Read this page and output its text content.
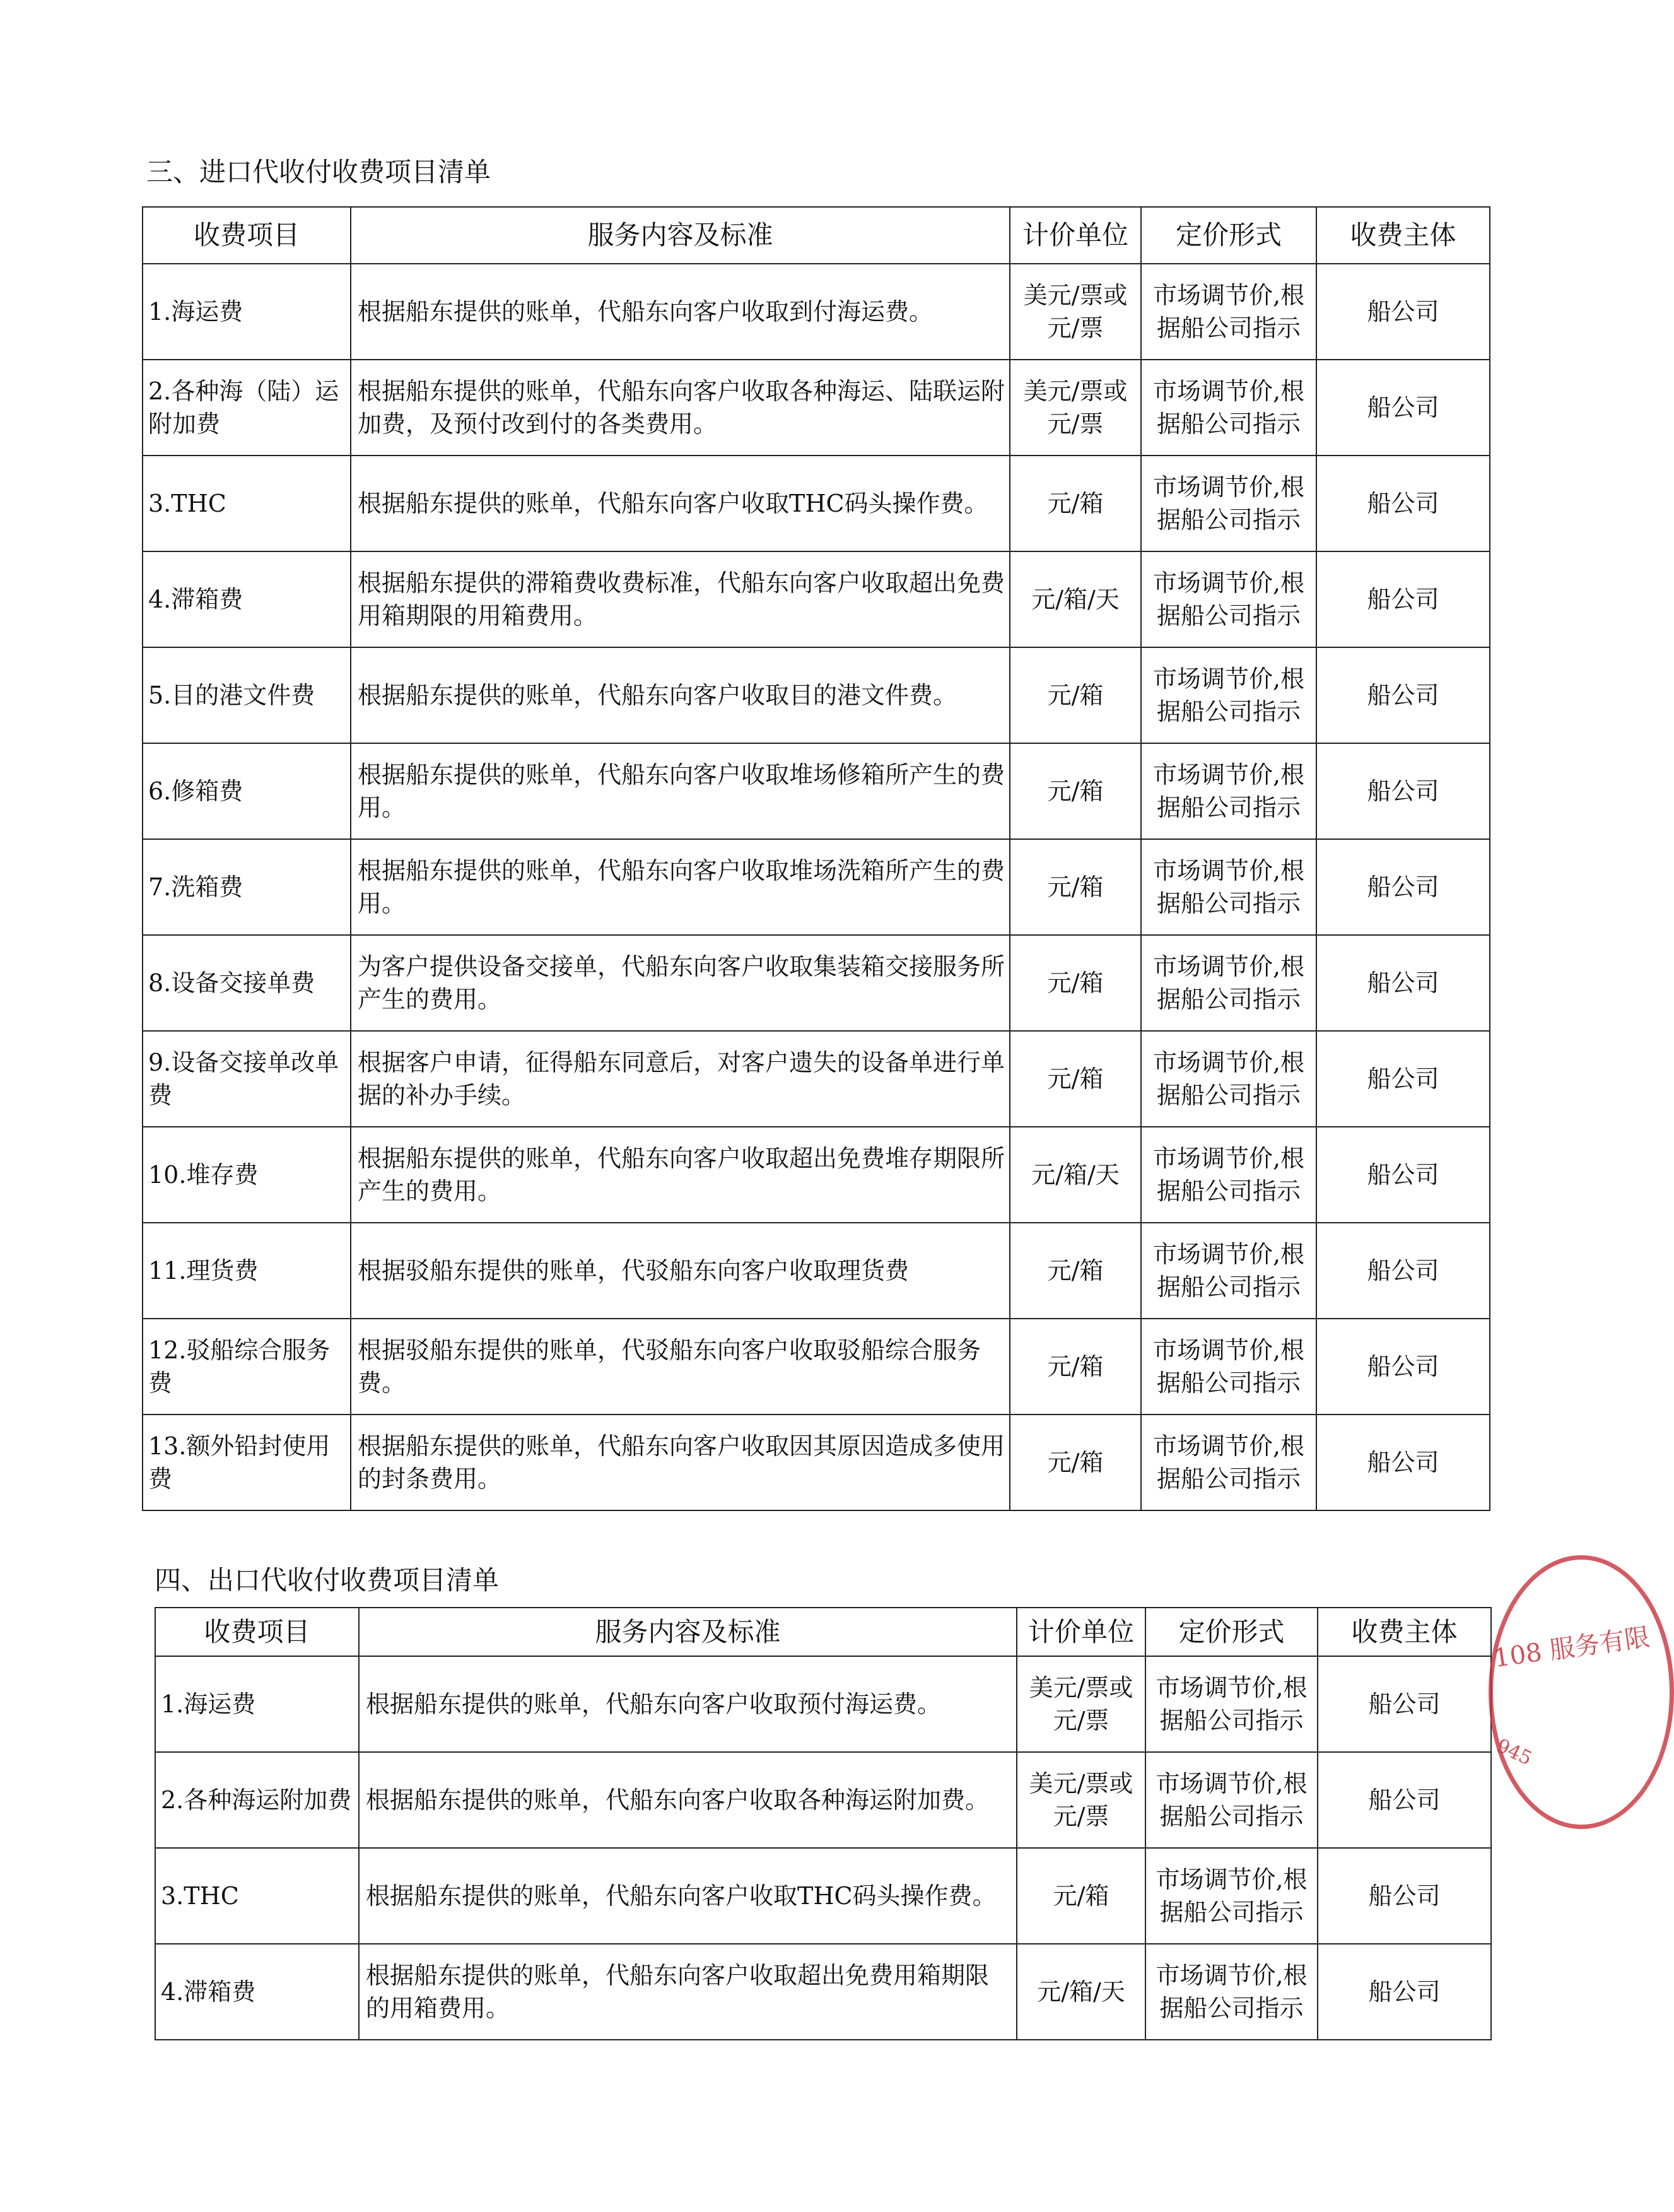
三、进口代收付收费项目清单
收费项目	服务内容及标准	计价单位	定价形式	收费主体
1.海运费	根据船东提供的账单，代船东向客户收取到付海运费。	美元/票或元/票	市场调节价,根据船公司指示	船公司
2.各种海（陆）运附加费	根据船东提供的账单，代船东向客户收取各种海运、陆联运附加费，及预付改到付的各类费用。	美元/票或元/票	市场调节价,根据船公司指示	船公司
3.THC	根据船东提供的账单，代船东向客户收取THC码头操作费。	元/箱	市场调节价,根据船公司指示	船公司
4.滞箱费	根据船东提供的滞箱费收费标准，代船东向客户收取超出免费用箱期限的用箱费用。	元/箱/天	市场调节价,根据船公司指示	船公司
5.目的港文件费	根据船东提供的账单，代船东向客户收取目的港文件费。	元/箱	市场调节价,根据船公司指示	船公司
6.修箱费	根据船东提供的账单，代船东向客户收取堆场修箱所产生的费用。	元/箱	市场调节价,根据船公司指示	船公司
7.洗箱费	根据船东提供的账单，代船东向客户收取堆场洗箱所产生的费用。	元/箱	市场调节价,根据船公司指示	船公司
8.设备交接单费	为客户提供设备交接单，代船东向客户收取集装箱交接服务所产生的费用。	元/箱	市场调节价,根据船公司指示	船公司
9.设备交接单改单费	根据客户申请，征得船东同意后，对客户遗失的设备单进行单据的补办手续。	元/箱	市场调节价,根据船公司指示	船公司
10.堆存费	根据船东提供的账单，代船东向客户收取超出免费堆存期限所产生的费用。	元/箱/天	市场调节价,根据船公司指示	船公司
11.理货费	根据驳船东提供的账单，代驳船东向客户收取理货费	元/箱	市场调节价,根据船公司指示	船公司
12.驳船综合服务费	根据驳船东提供的账单，代驳船东向客户收取驳船综合服务费。	元/箱	市场调节价,根据船公司指示	船公司
13.额外铅封使用费	根据船东提供的账单，代船东向客户收取因其原因造成多使用的封条费用。	元/箱	市场调节价,根据船公司指示	船公司
四、出口代收付收费项目清单
收费项目	服务内容及标准	计价单位	定价形式	收费主体
1.海运费	根据船东提供的账单，代船东向客户收取预付海运费。	美元/票或元/票	市场调节价,根据船公司指示	船公司
2.各种海运附加费	根据船东提供的账单，代船东向客户收取各种海运附加费。	美元/票或元/票	市场调节价,根据船公司指示	船公司
3.THC	根据船东提供的账单，代船东向客户收取THC码头操作费。	元/箱	市场调节价,根据船公司指示	船公司
4.滞箱费	根据船东提供的账单，代船东向客户收取超出免费用箱期限的用箱费用。	元/箱/天	市场调节价,根据船公司指示	船公司
108 服务有限
945
